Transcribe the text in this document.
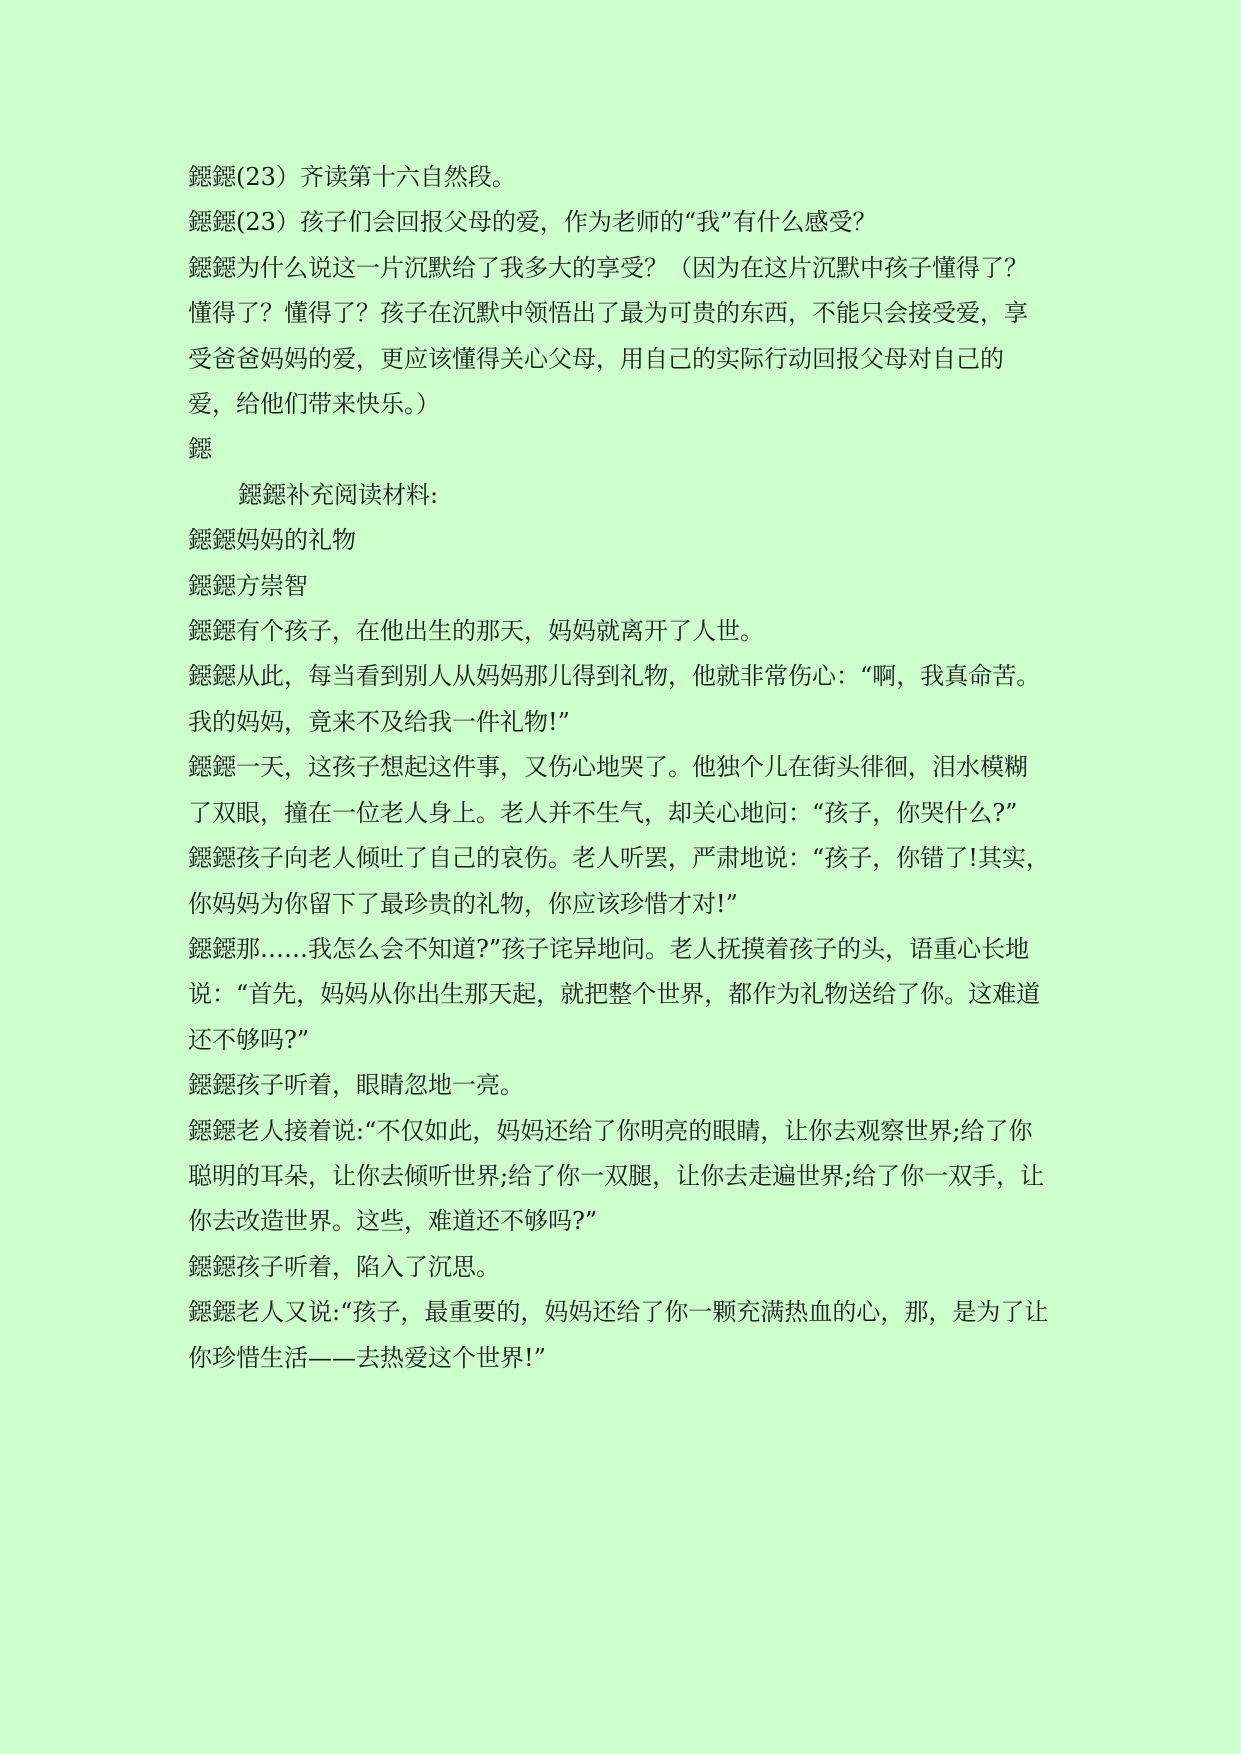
鐚鐚(23）齐读第十六自然段。

鐚鐚(23）孩子们会回报父母的爱，作为老师的“我”有什么感受？

鐚鐚为什么说这一片沉默给了我多大的享受？（因为在这片沉默中孩子懂得了？懂得了？懂得了？孩子在沉默中领悟出了最为可贵的东西，不能只会接受爱，享受爸爸妈妈的爱，更应该懂得关心父母，用自己的实际行动回报父母对自己的爱，给他们带来快乐。）

鐚

鐚鐚补充阅读材料:

鐚鐚妈妈的礼物

鐚鐚方崇智

鐚鐚有个孩子，在他出生的那天，妈妈就离开了人世。

鐚鐚从此，每当看到别人从妈妈那儿得到礼物，他就非常伤心：“啊，我真命苦。我的妈妈，竟来不及给我一件礼物!”

鐚鐚一天，这孩子想起这件事，又伤心地哭了。他独个儿在街头徘徊，泪水模糊了双眼，撞在一位老人身上。老人并不生气，却关心地问：“孩子，你哭什么?”

鐚鐚孩子向老人倾吐了自己的哀伤。老人听罢，严肃地说：“孩子，你错了!其实，你妈妈为你留下了最珍贵的礼物，你应该珍惜才对!”

鐚鐚那……我怎么会不知道?”孩子诧异地问。老人抚摸着孩子的头，语重心长地说：“首先，妈妈从你出生那天起，就把整个世界，都作为礼物送给了你。这难道还不够吗?”

鐚鐚孩子听着，眼睛忽地一亮。

鐚鐚老人接着说:“不仅如此，妈妈还给了你明亮的眼睛，让你去观察世界;给了你聪明的耳朵，让你去倾听世界;给了你一双腿，让你去走遍世界;给了你一双手，让你去改造世界。这些，难道还不够吗?”

鐚鐚孩子听着，陷入了沉思。

鐚鐚老人又说:“孩子，最重要的，妈妈还给了你一颗充满热血的心，那，是为了让你珍惜生活——去热爱这个世界!”
